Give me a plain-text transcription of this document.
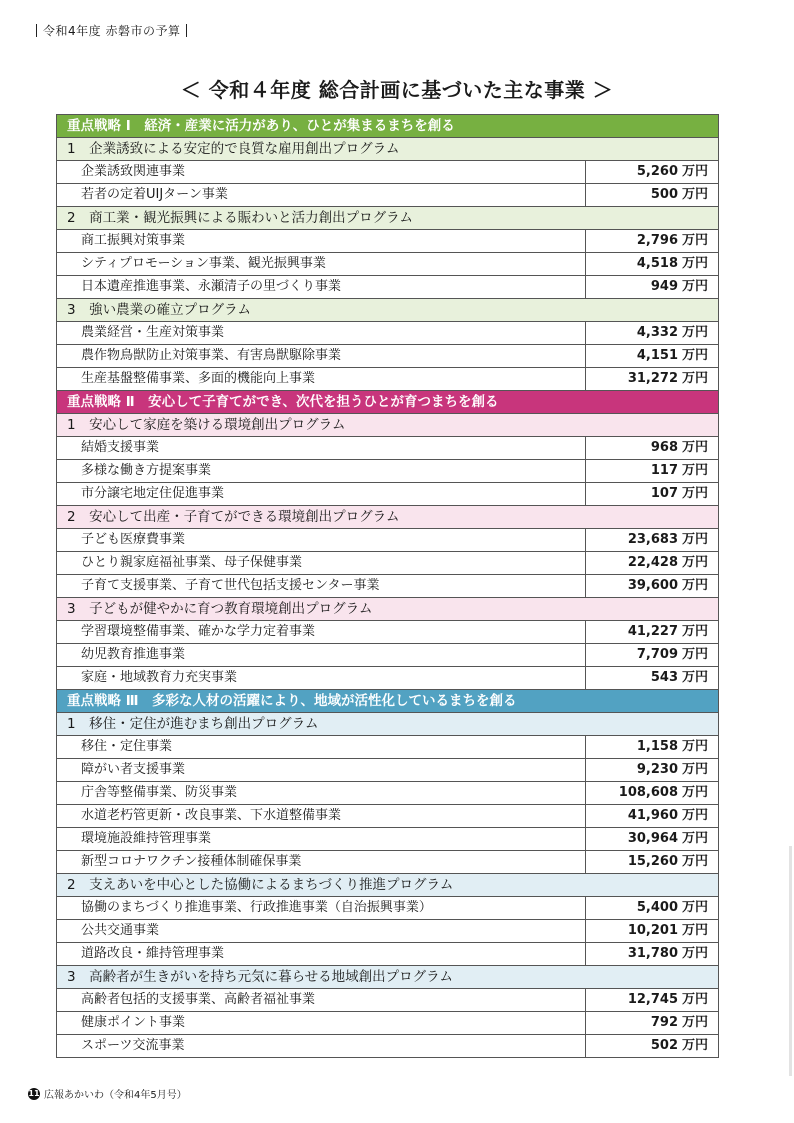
令和4年度 赤磐市の予算
＜ 令和４年度 総合計画に基づいた主な事業 ＞
重点戦略 Ⅰ　経済・産業に活力があり、ひとが集まるまちを創る	
1　企業誘致による安定的で良質な雇用創出プログラム	
企業誘致関連事業	5,260 万円
若者の定着UIJターン事業	500 万円
2　商工業・観光振興による賑わいと活力創出プログラム	
商工振興対策事業	2,796 万円
シティプロモーション事業、観光振興事業	4,518 万円
日本遺産推進事業、永瀬清子の里づくり事業	949 万円
3　強い農業の確立プログラム	
農業経営・生産対策事業	4,332 万円
農作物鳥獣防止対策事業、有害鳥獣駆除事業	4,151 万円
生産基盤整備事業、多面的機能向上事業	31,272 万円
重点戦略 Ⅱ　安心して子育てができ、次代を担うひとが育つまちを創る	
1　安心して家庭を築ける環境創出プログラム	
結婚支援事業	968 万円
多様な働き方提案事業	117 万円
市分譲宅地定住促進事業	107 万円
2　安心して出産・子育てができる環境創出プログラム	
子ども医療費事業	23,683 万円
ひとり親家庭福祉事業、母子保健事業	22,428 万円
子育て支援事業、子育て世代包括支援センター事業	39,600 万円
3　子どもが健やかに育つ教育環境創出プログラム	
学習環境整備事業、確かな学力定着事業	41,227 万円
幼児教育推進事業	7,709 万円
家庭・地域教育力充実事業	543 万円
重点戦略 Ⅲ　多彩な人材の活躍により、地域が活性化しているまちを創る	
1　移住・定住が進むまち創出プログラム	
移住・定住事業	1,158 万円
障がい者支援事業	9,230 万円
庁舎等整備事業、防災事業	108,608 万円
水道老朽管更新・改良事業、下水道整備事業	41,960 万円
環境施設維持管理事業	30,964 万円
新型コロナワクチン接種体制確保事業	15,260 万円
2　支えあいを中心とした協働によるまちづくり推進プログラム	
協働のまちづくり推進事業、行政推進事業（自治振興事業）	5,400 万円
公共交通事業	10,201 万円
道路改良・維持管理事業	31,780 万円
3　高齢者が生きがいを持ち元気に暮らせる地域創出プログラム	
高齢者包括的支援事業、高齢者福祉事業	12,745 万円
健康ポイント事業	792 万円
スポーツ交流事業	502 万円
11 広報あかいわ（令和4年5月号）
